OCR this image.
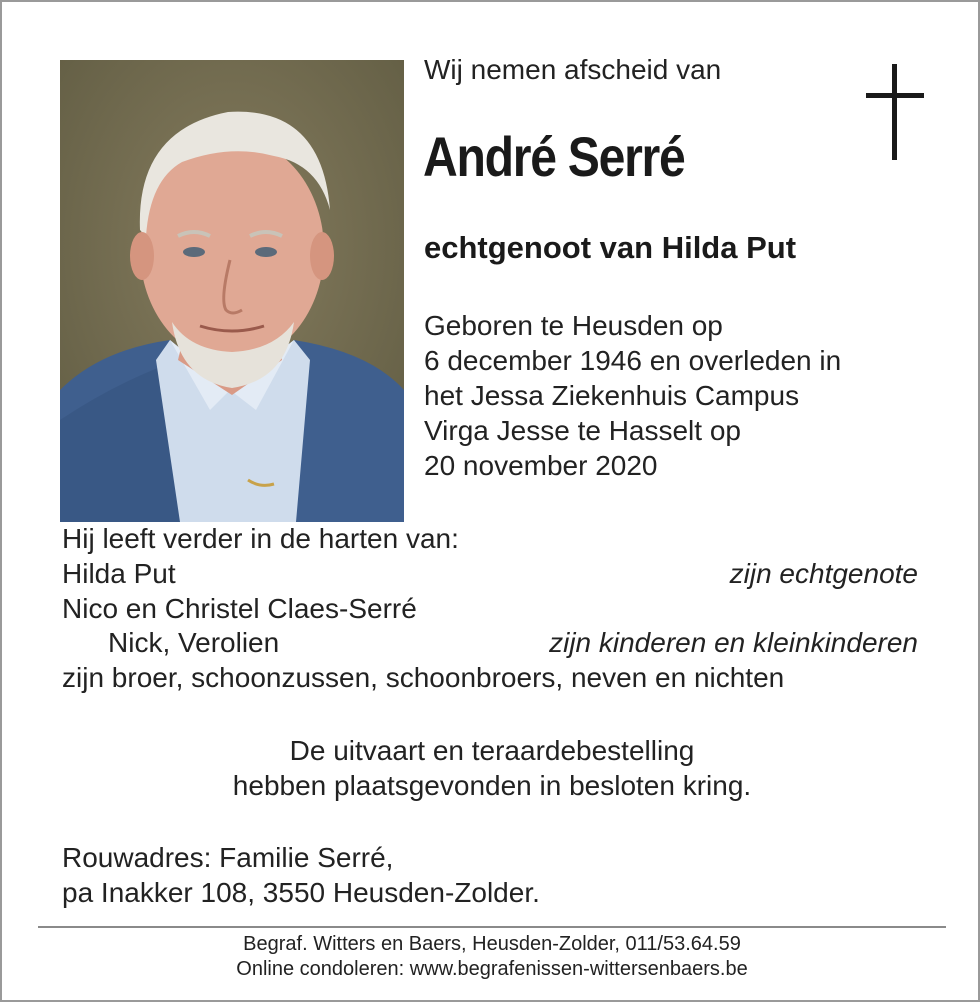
Wij nemen afscheid van
André Serré
echtgenoot van Hilda Put
Geboren te Heusden op
6 december 1946 en overleden in
het Jessa Ziekenhuis Campus
Virga Jesse te Hasselt op
20 november 2020
Hij leeft verder in de harten van:
Hilda Put	zijn echtgenote
Nico en Christel Claes-Serré
Nick, Verolien	zijn kinderen en kleinkinderen
zijn broer, schoonzussen, schoonbroers, neven en nichten
De uitvaart en teraardebestelling
hebben plaatsgevonden in besloten kring.
Rouwadres: Familie Serré,
pa Inakker 108, 3550 Heusden-Zolder.
Begraf. Witters en Baers, Heusden-Zolder, 011/53.64.59
Online condoleren: www.begrafenissen-wittersenbaers.be
